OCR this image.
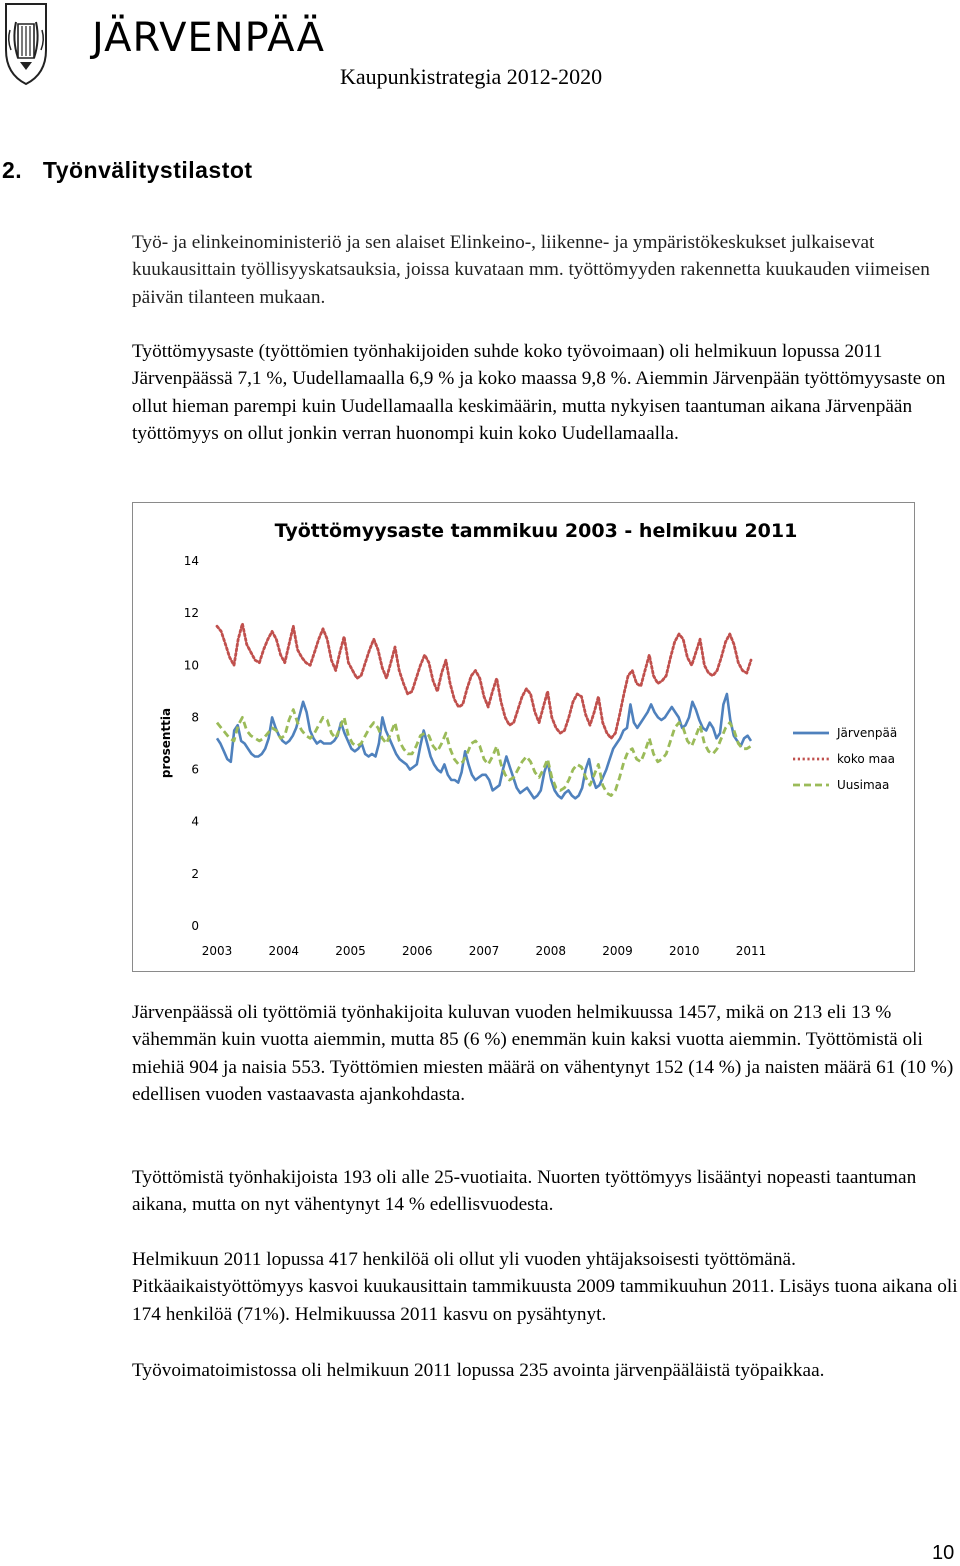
JÄRVENPÄÄ
Kaupunkistrategia 2012-2020
2.   Työnvälitystilastot
Työ- ja elinkeinoministeriö ja sen alaiset Elinkeino-, liikenne- ja ympäristökeskukset julkaisevat kuukausittain työllisyyskatsauksia, joissa kuvataan mm. työttömyyden rakennetta kuukauden viimeisen päivän tilanteen mukaan.
Työttömyysaste (työttömien työnhakijoiden suhde koko työvoimaan) oli helmikuun lopussa 2011 Järvenpäässä 7,1 %, Uudellamaalla 6,9 % ja koko maassa 9,8 %. Aiemmin Järvenpään työttömyysaste on ollut hieman parempi kuin Uudellamaalla keskimäärin, mutta nykyisen taantuman aikana Järvenpään työttömyys on ollut jonkin verran huonompi kuin koko Uudellamaalla.
Työttömyysaste tammikuu 2003 - helmikuu 2011
prosenttia
0
2
4
6
8
10
12
14
2003	2004	2005	2006	2007	2008	2009	2010	2011
Järvenpää
koko maa
Uusimaa
Järvenpäässä oli työttömiä työnhakijoita kuluvan vuoden helmikuussa 1457, mikä on 213 eli 13 % vähemmän kuin vuotta aiemmin, mutta 85 (6 %) enemmän kuin kaksi vuotta aiemmin. Työttömistä oli miehiä 904 ja naisia 553. Työttömien miesten määrä on vähentynyt 152 (14 %) ja naisten määrä 61 (10 %) edellisen vuoden vastaavasta ajankohdasta.
Työttömistä työnhakijoista 193 oli alle 25-vuotiaita. Nuorten työttömyys lisääntyi nopeasti taantuman aikana, mutta on nyt vähentynyt 14 % edellisvuodesta.
Helmikuun 2011 lopussa 417 henkilöä oli ollut yli vuoden yhtäjaksoisesti työttömänä. Pitkäaikaistyöttömyys kasvoi kuukausittain tammikuusta 2009 tammikuuhun 2011. Lisäys tuona aikana oli 174 henkilöä (71%). Helmikuussa 2011 kasvu on pysähtynyt.
Työvoimatoimistossa oli helmikuun 2011 lopussa 235 avointa järvenpääläistä työpaikkaa.
10
